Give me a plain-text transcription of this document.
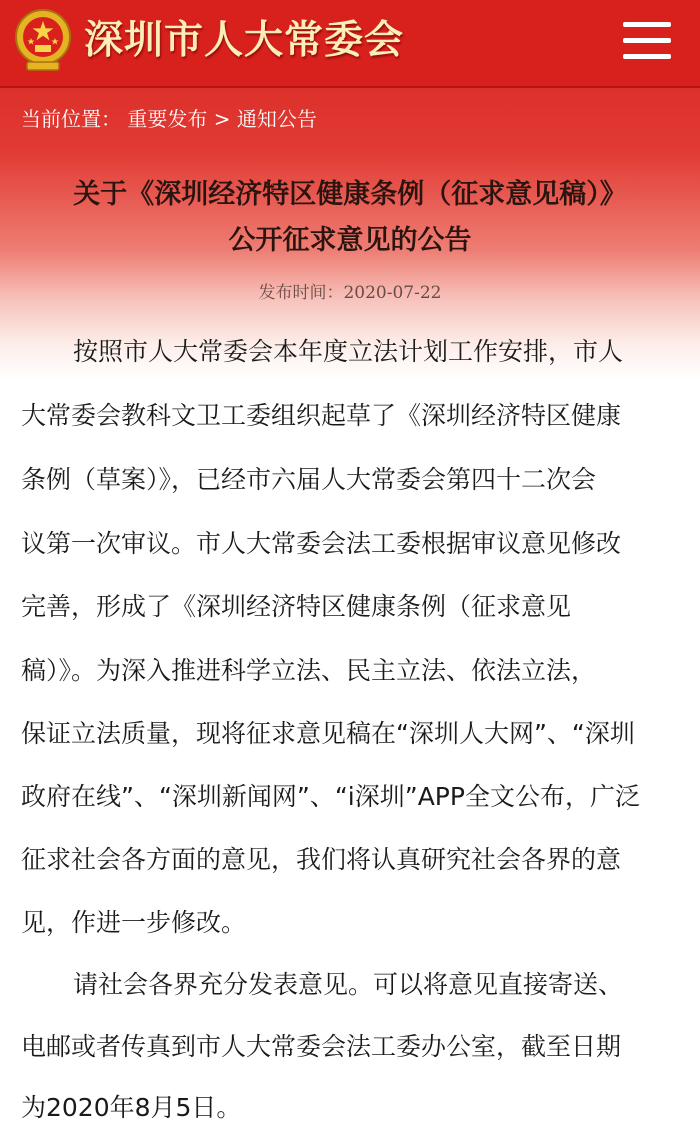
深圳市人大常委会
当前位置： 重要发布 > 通知公告
关于《深圳经济特区健康条例（征求意见稿）》
公开征求意见的公告
发布时间：2020-07-22
按照市人大常委会本年度立法计划工作安排，市人
大常委会教科文卫工委组织起草了《深圳经济特区健康
条例（草案）》，已经市六届人大常委会第四十二次会
议第一次审议。市人大常委会法工委根据审议意见修改
完善，形成了《深圳经济特区健康条例（征求意见
稿）》。为深入推进科学立法、民主立法、依法立法，
保证立法质量，现将征求意见稿在“深圳人大网”、“深圳
政府在线”、“深圳新闻网”、“i深圳”APP全文公布，广泛
征求社会各方面的意见，我们将认真研究社会各界的意
见，作进一步修改。
请社会各界充分发表意见。可以将意见直接寄送、
电邮或者传真到市人大常委会法工委办公室，截至日期
为2020年8月5日。
